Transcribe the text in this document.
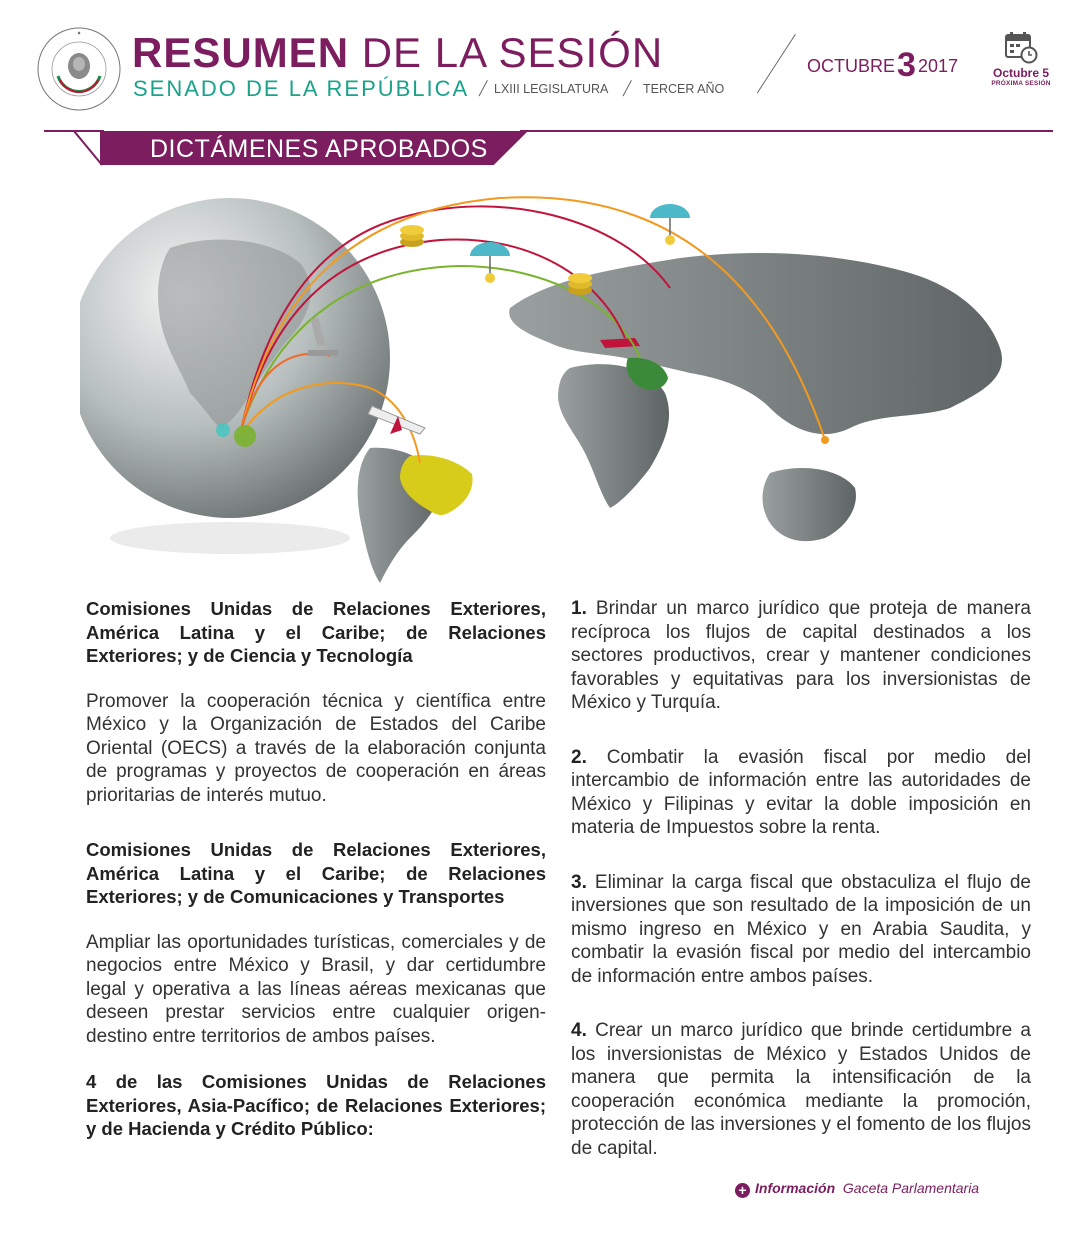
✦ RESUMEN DE LA SESIÓN
SENADO DE LA REPÚBLICA LXIII LEGISLATURA	TERCER AÑO
OCTUBRE3 2017	Octubre 5
PRÓXIMA SESIÓN
DICTÁMENES APROBADOS

Comisiones Unidas de Relaciones Exteriores, América Latina y el Caribe; de Relaciones Exteriores; y de Ciencia y Tecnología

Promover la cooperación técnica y científica entre México y la Organización de Estados del Caribe Oriental (OECS) a través de la elaboración conjunta de programas y proyectos de cooperación en áreas prioritarias de interés mutuo.

Comisiones Unidas de Relaciones Exteriores, América Latina y el Caribe; de Relaciones Exteriores; y de Comunicaciones y Transportes

Ampliar las oportunidades turísticas, comerciales y de negocios entre México y Brasil, y dar certidumbre legal y operativa a las líneas aéreas mexicanas que deseen prestar servicios entre cualquier origen-destino entre territorios de ambos países.

4 de las Comisiones Unidas de Relaciones Exteriores, Asia-Pacífico; de Relaciones Exteriores; y de Hacienda y Crédito Público:

1. Brindar un marco jurídico que proteja de manera recíproca los flujos de capital destinados a los sectores productivos, crear y mantener condiciones favorables y equitativas para los inversionistas de México y Turquía.

2. Combatir la evasión fiscal por medio del intercambio de información entre las autoridades de México y Filipinas y evitar la doble imposición en materia de Impuestos sobre la renta.

3. Eliminar la carga fiscal que obstaculiza el flujo de inversiones que son resultado de la imposición de un mismo ingreso en México y en Arabia Saudita, y combatir la evasión fiscal por medio del intercambio de información entre ambos países.

4. Crear un marco jurídico que brinde certidumbre a los inversionistas de México y Estados Unidos de manera que permita la intensificación de la cooperación económica mediante la promoción, protección de las inversiones y el fomento de los flujos de capital.

+ Información Gaceta Parlamentaria
